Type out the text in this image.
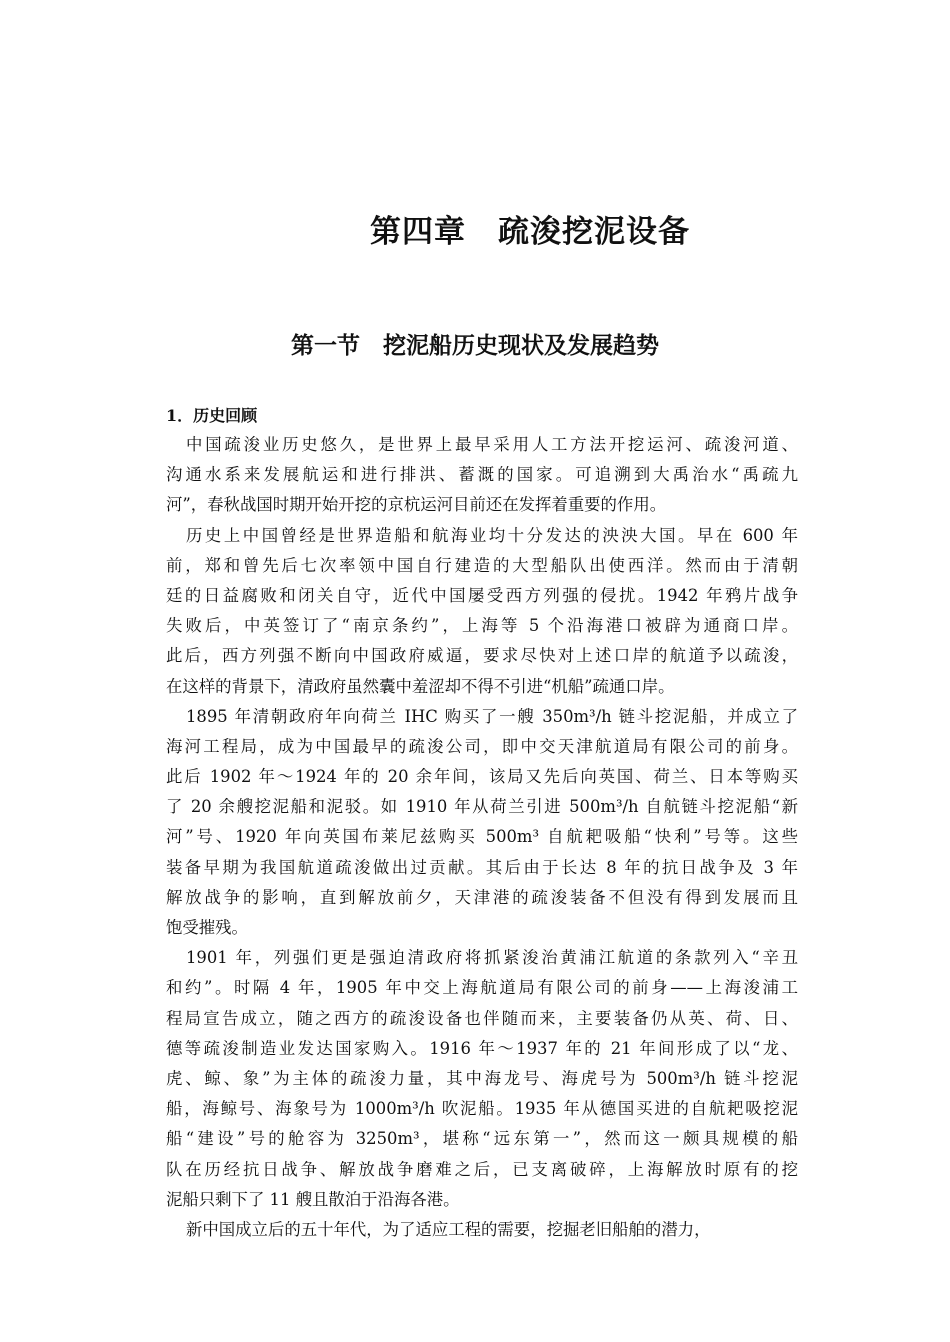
第四章　疏浚挖泥设备
第一节　挖泥船历史现状及发展趋势
1．历史回顾
中国疏浚业历史悠久，是世界上最早采用人工方法开挖运河、疏浚河道、
沟通水系来发展航运和进行排洪、蓄溉的国家。可追溯到大禹治水“禹疏九
河”，春秋战国时期开始开挖的京杭运河目前还在发挥着重要的作用。
历史上中国曾经是世界造船和航海业均十分发达的泱泱大国。早在 600 年
前，郑和曾先后七次率领中国自行建造的大型船队出使西洋。然而由于清朝
廷的日益腐败和闭关自守，近代中国屡受西方列强的侵扰。1942 年鸦片战争
失败后，中英签订了“南京条约”，上海等 5 个沿海港口被辟为通商口岸。
此后，西方列强不断向中国政府威逼，要求尽快对上述口岸的航道予以疏浚，
在这样的背景下，清政府虽然囊中羞涩却不得不引进“机船”疏通口岸。
1895 年清朝政府年向荷兰 IHC 购买了一艘 350m³/h 链斗挖泥船，并成立了
海河工程局，成为中国最早的疏浚公司，即中交天津航道局有限公司的前身。
此后 1902 年～1924 年的 20 余年间，该局又先后向英国、荷兰、日本等购买
了 20 余艘挖泥船和泥驳。如 1910 年从荷兰引进 500m³/h 自航链斗挖泥船“新
河”号、1920 年向英国布莱尼兹购买 500m³ 自航耙吸船“快利”号等。这些
装备早期为我国航道疏浚做出过贡献。其后由于长达 8 年的抗日战争及 3 年
解放战争的影响，直到解放前夕，天津港的疏浚装备不但没有得到发展而且
饱受摧残。
1901 年，列强们更是强迫清政府将抓紧浚治黄浦江航道的条款列入“辛丑
和约”。时隔 4 年，1905 年中交上海航道局有限公司的前身——上海浚浦工
程局宣告成立，随之西方的疏浚设备也伴随而来，主要装备仍从英、荷、日、
德等疏浚制造业发达国家购入。1916 年～1937 年的 21 年间形成了以“龙、
虎、鲸、象”为主体的疏浚力量，其中海龙号、海虎号为 500m³/h 链斗挖泥
船，海鲸号、海象号为 1000m³/h 吹泥船。1935 年从德国买进的自航耙吸挖泥
船“建设”号的舱容为 3250m³，堪称“远东第一”，然而这一颇具规模的船
队在历经抗日战争、解放战争磨难之后，已支离破碎，上海解放时原有的挖
泥船只剩下了 11 艘且散泊于沿海各港。
新中国成立后的五十年代，为了适应工程的需要，挖掘老旧船舶的潜力，
